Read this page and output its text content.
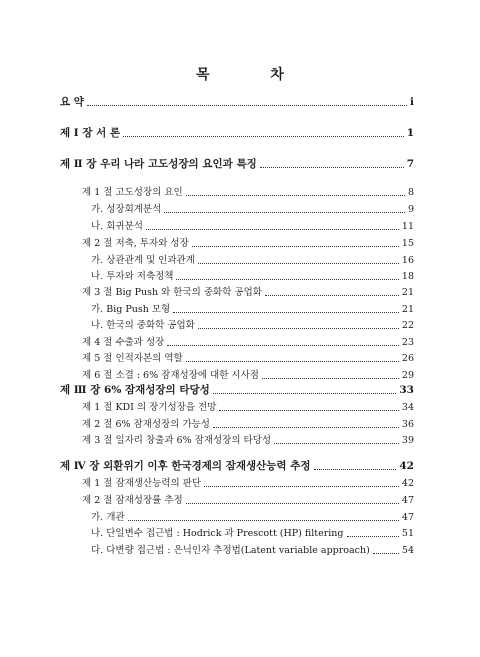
목 차
요 약	i
제 Ⅰ 장 서 론	1
제 Ⅱ 장 우리 나라 고도성장의 요인과 특징	7
제 1 절 고도성장의 요인	8
가. 성장회계분석	9
나. 회귀분석	11
제 2 절 저축, 투자와 성장	15
가. 상관관계 및 인과관계	16
나. 투자와 저축정책	18
제 3 절 Big Push 와 한국의 중화학 공업화	21
가. Big Push 모형	21
나. 한국의 중화학 공업화	22
제 4 절 수출과 성장	23
제 5 절 인적자본의 역할	26
제 6 절 소결 : 6% 잠재성장에 대한 시사점	29
제 Ⅲ 장 6% 잠재성장의 타당성	33
제 1 절 KDI 의 장기성장을 전망	34
제 2 절 6% 잠재성장의 가능성	36
제 3 절 일자리 창출과 6% 잠재성장의 타당성	39
제 Ⅳ 장 외환위기 이후 한국경제의 잠재생산능력 추정	42
제 1 절 잠재생산능력의 판단	42
제 2 절 잠재성장률 추정	47
가. 개관	47
나. 단일변수 접근법 : Hodrick 과 Prescott (HP) filtering	51
다. 다변량 접근법 : 은닉인자 추정법(Latent variable approach)	54
